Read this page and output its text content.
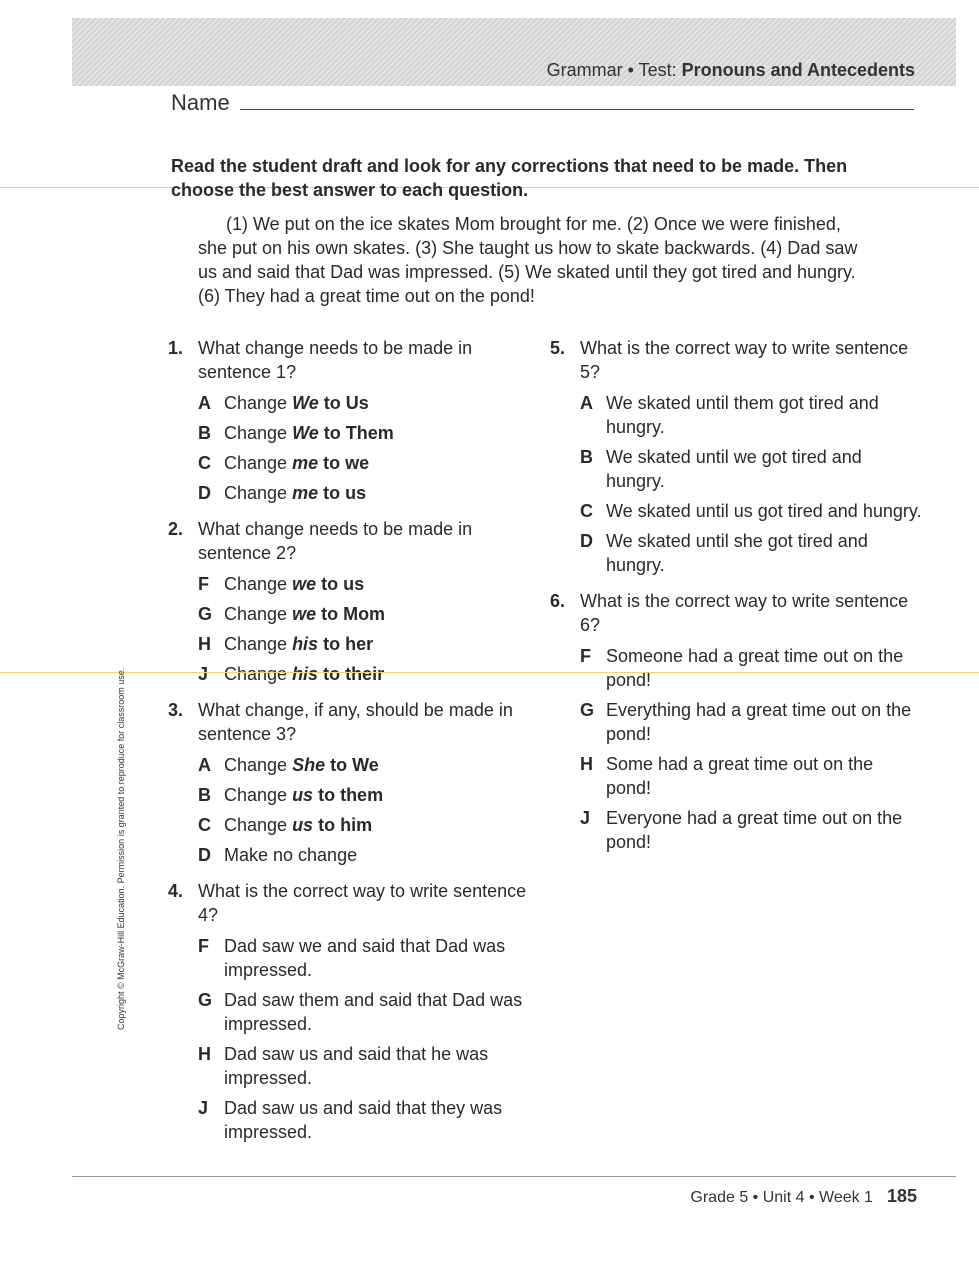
Grammar • Test: Pronouns and Antecedents
Name
Read the student draft and look for any corrections that need to be made. Then choose the best answer to each question.
(1) We put on the ice skates Mom brought for me. (2) Once we were finished, she put on his own skates. (3) She taught us how to skate backwards. (4) Dad saw us and said that Dad was impressed. (5) We skated until they got tired and hungry. (6) They had a great time out on the pond!
1. What change needs to be made in sentence 1?
A Change We to Us
B Change We to Them
C Change me to we
D Change me to us
2. What change needs to be made in sentence 2?
F Change we to us
G Change we to Mom
H Change his to her
J Change his to their
3. What change, if any, should be made in sentence 3?
A Change She to We
B Change us to them
C Change us to him
D Make no change
4. What is the correct way to write sentence 4?
F Dad saw we and said that Dad was impressed.
G Dad saw them and said that Dad was impressed.
H Dad saw us and said that he was impressed.
J Dad saw us and said that they was impressed.
5. What is the correct way to write sentence 5?
A We skated until them got tired and hungry.
B We skated until we got tired and hungry.
C We skated until us got tired and hungry.
D We skated until she got tired and hungry.
6. What is the correct way to write sentence 6?
F Someone had a great time out on the pond!
G Everything had a great time out on the pond!
H Some had a great time out on the pond!
J Everyone had a great time out on the pond!
Copyright © McGraw-Hill Education. Permission is granted to reproduce for classroom use.
Grade 5 • Unit 4 • Week 1 185
